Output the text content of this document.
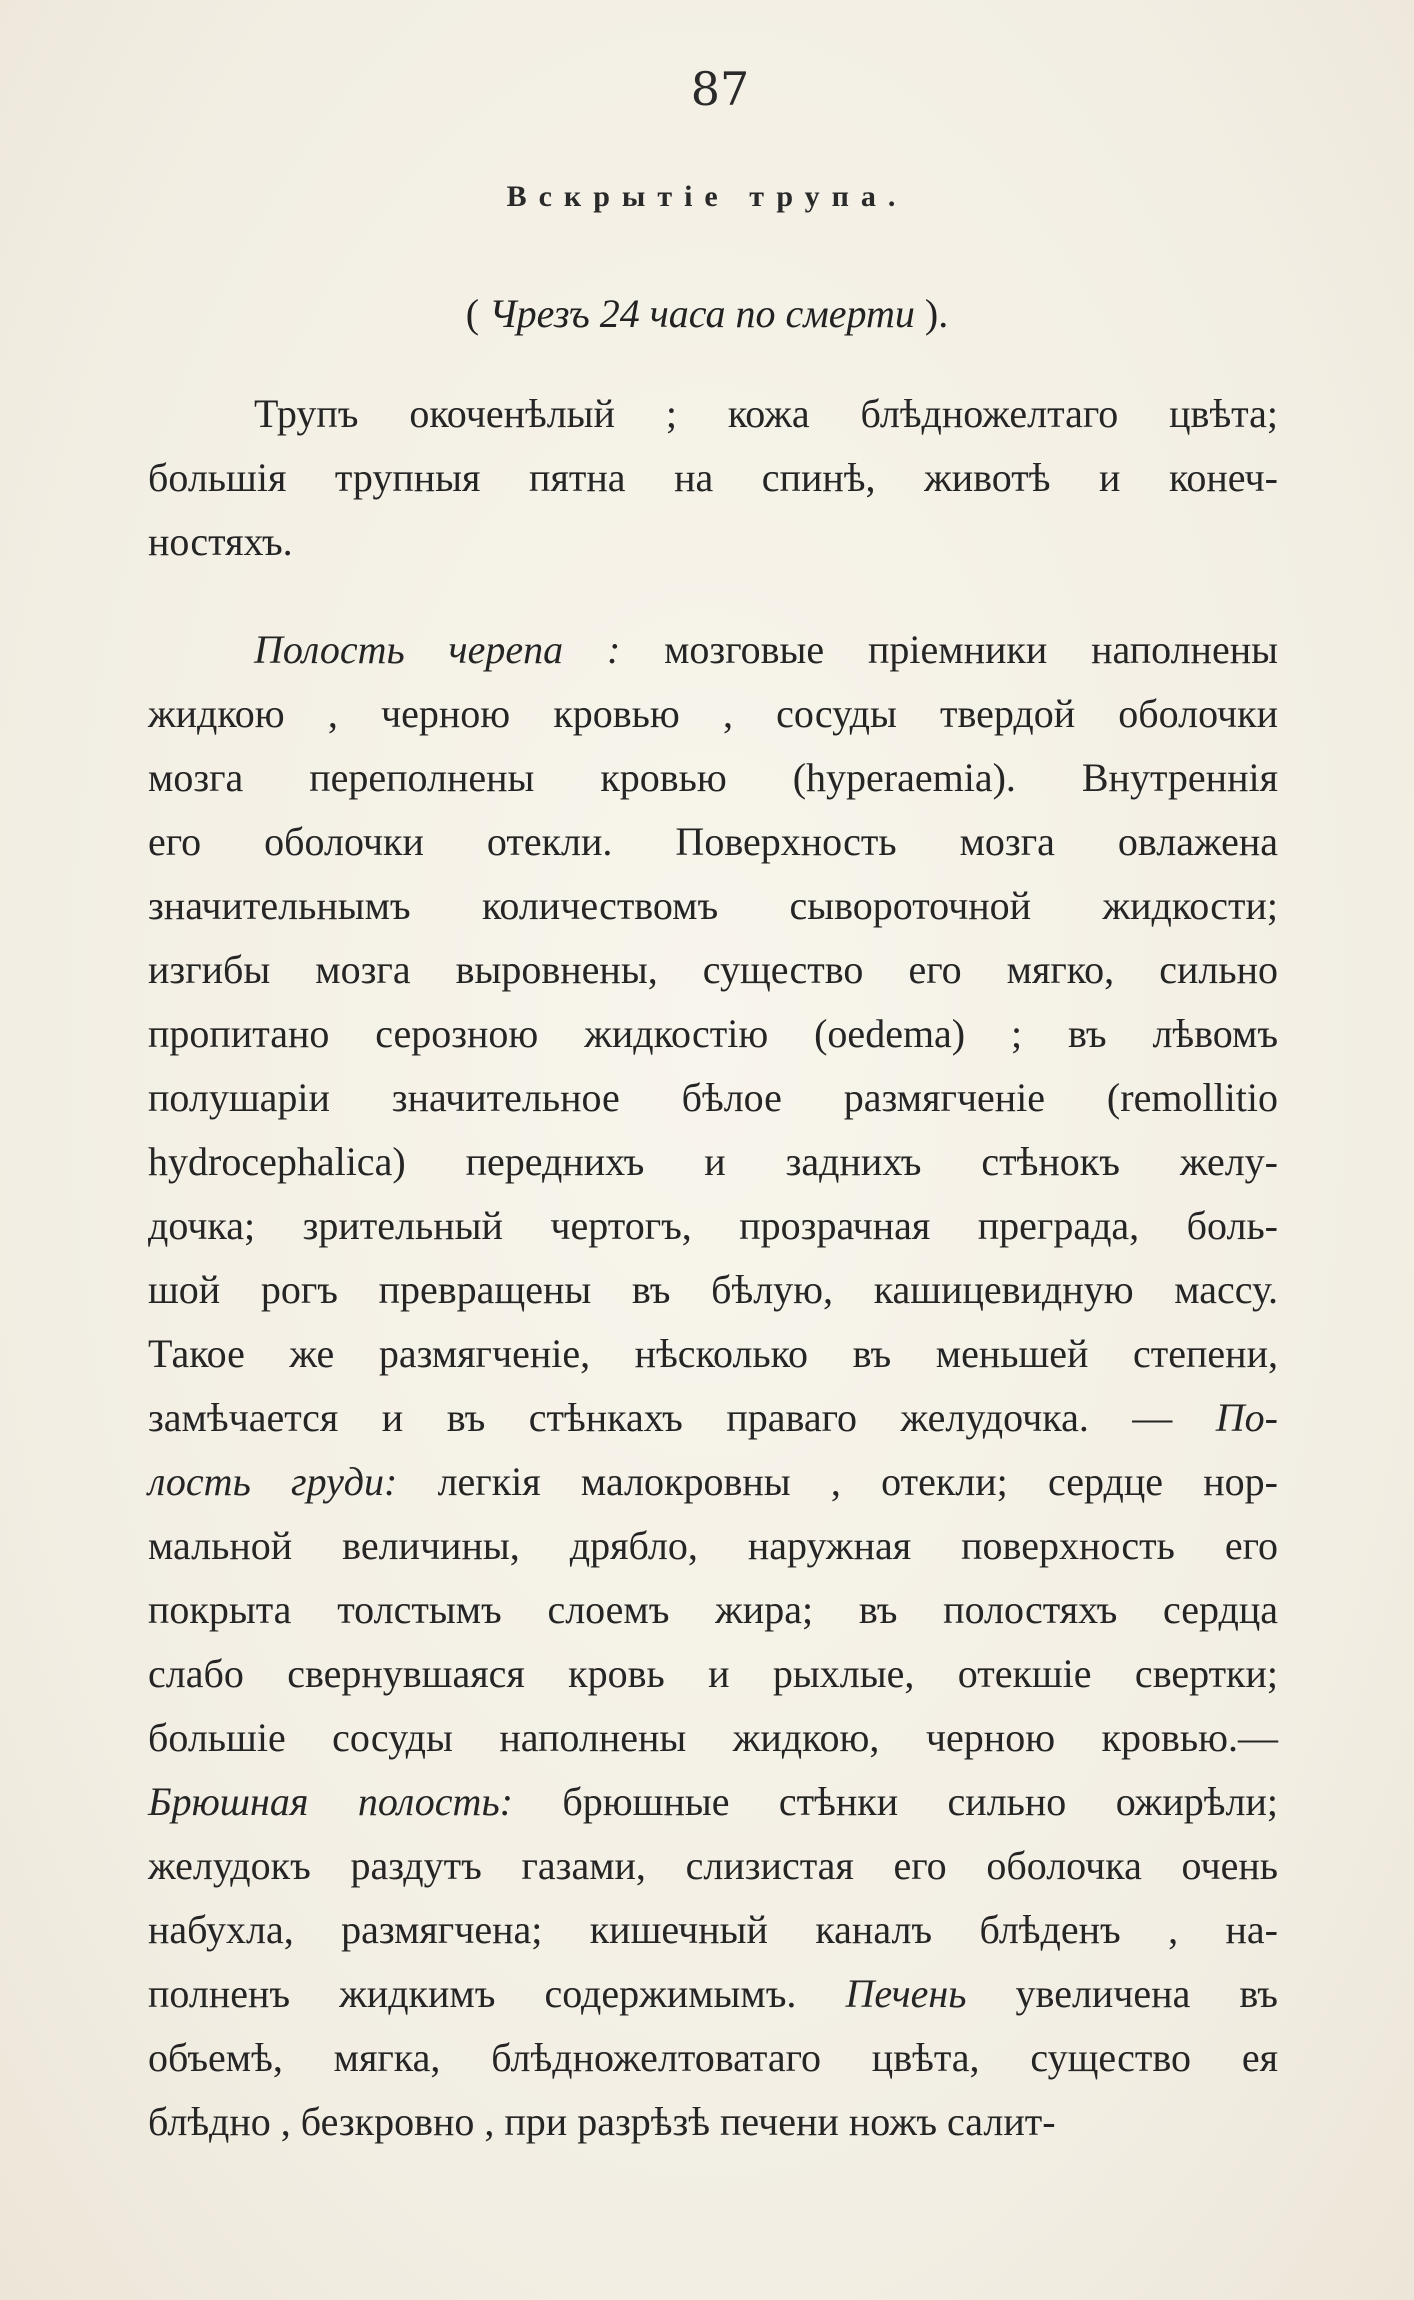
87
Вскрытіе трупа.
( Чрезъ 24 часа по смерти ).
Трупъ окоченѣлый ; кожа блѣдножелтаго цвѣта;
большія трупныя пятна на спинѣ, животѣ и конеч-
ностяхъ.
Полость черепа : мозговые пріемники наполнены
жидкою , черною кровью , сосуды твердой оболочки
мозга переполнены кровью (hyperaemia). Внутреннія
его оболочки отекли. Поверхность мозга овлажена
значительнымъ количествомъ сывороточной жидкости;
изгибы мозга выровнены, существо его мягко, сильно
пропитано серозною жидкостію (oedema) ; въ лѣвомъ
полушаріи значительное бѣлое размягченіе (remollitio
hydrocephalica) переднихъ и заднихъ стѣнокъ желу-
дочка; зрительный чертогъ, прозрачная преграда, боль-
шой рогъ превращены въ бѣлую, кашицевидную массу.
Такое же размягченіе, нѣсколько въ меньшей степени,
замѣчается и въ стѣнкахъ праваго желудочка. — По-
лость груди: легкія малокровны , отекли; сердце нор-
мальной величины, дрябло, наружная поверхность его
покрыта толстымъ слоемъ жира; въ полостяхъ сердца
слабо свернувшаяся кровь и рыхлые, отекшіе свертки;
большіе сосуды наполнены жидкою, черною кровью.—
Брюшная полость: брюшные стѣнки сильно ожирѣли;
желудокъ раздутъ газами, слизистая его оболочка очень
набухла, размягчена; кишечный каналъ блѣденъ , на-
полненъ жидкимъ содержимымъ. Печень увеличена въ
объемѣ, мягка, блѣдножелтоватаго цвѣта, существо ея
блѣдно , безкровно , при разрѣзѣ печени ножъ салит-
